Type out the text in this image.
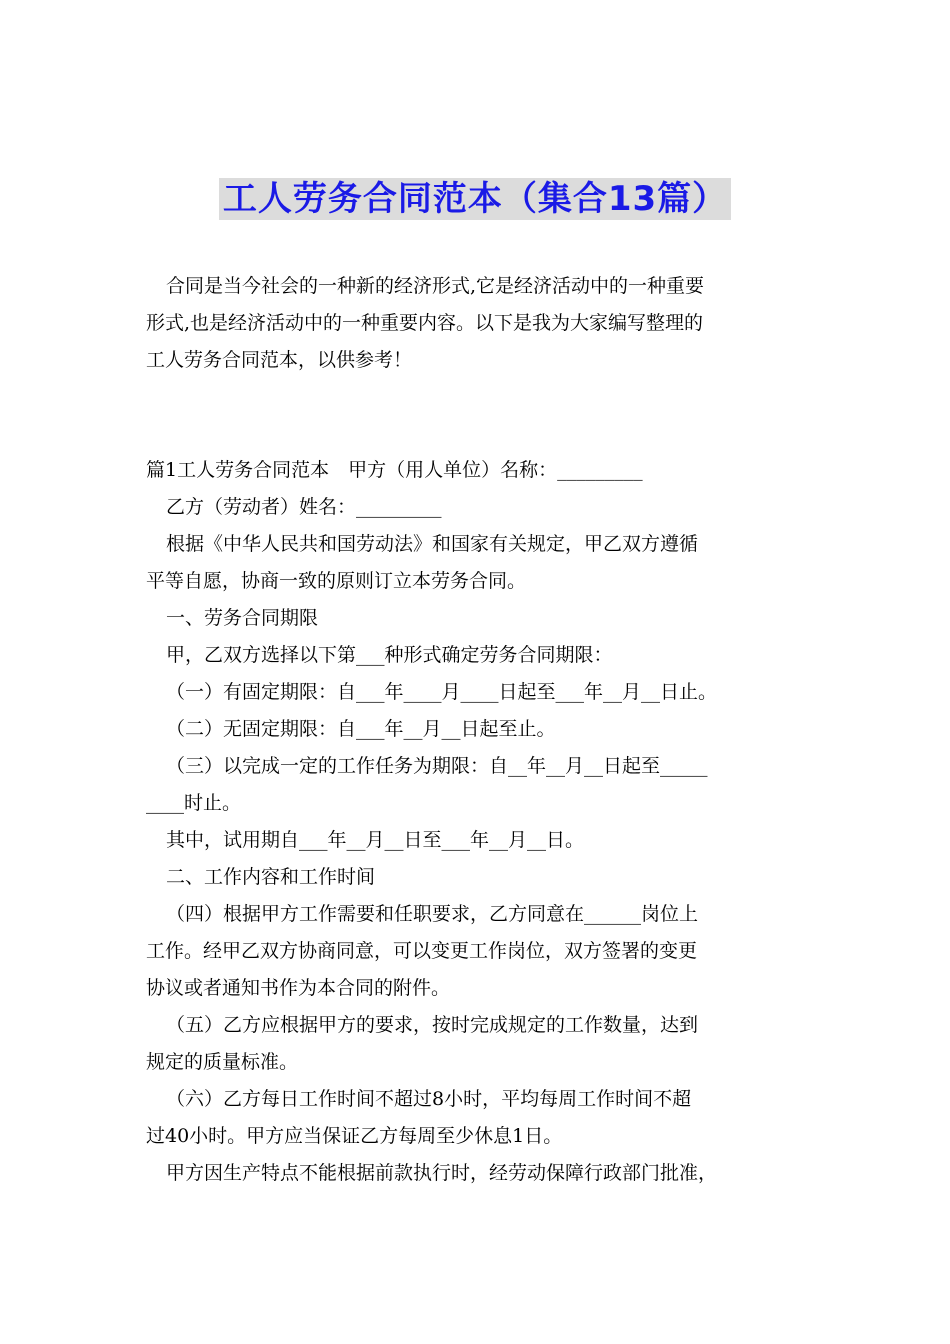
工人劳务合同范本（集合13篇）

合同是当今社会的一种新的经济形式,它是经济活动中的一种重要

形式,也是经济活动中的一种重要内容。以下是我为大家编写整理的

工人劳务合同范本，以供参考！

篇1工人劳务合同范本　甲方（用人单位）名称：_________

乙方（劳动者）姓名：_________

根据《中华人民共和国劳动法》和国家有关规定，甲乙双方遵循

平等自愿，协商一致的原则订立本劳务合同。

一、劳务合同期限

甲，乙双方选择以下第___种形式确定劳务合同期限：

（一）有固定期限：自___年____月____日起至___年__月__日止。

（二）无固定期限：自___年__月__日起至止。

（三）以完成一定的工作任务为期限：自__年__月__日起至_____

____时止。

其中，试用期自___年__月__日至___年__月__日。

二、工作内容和工作时间

（四）根据甲方工作需要和任职要求，乙方同意在______岗位上

工作。经甲乙双方协商同意，可以变更工作岗位，双方签署的变更

协议或者通知书作为本合同的附件。

（五）乙方应根据甲方的要求，按时完成规定的工作数量，达到

规定的质量标准。

（六）乙方每日工作时间不超过8小时，平均每周工作时间不超

过40小时。甲方应当保证乙方每周至少休息1日。

甲方因生产特点不能根据前款执行时，经劳动保障行政部门批准，
